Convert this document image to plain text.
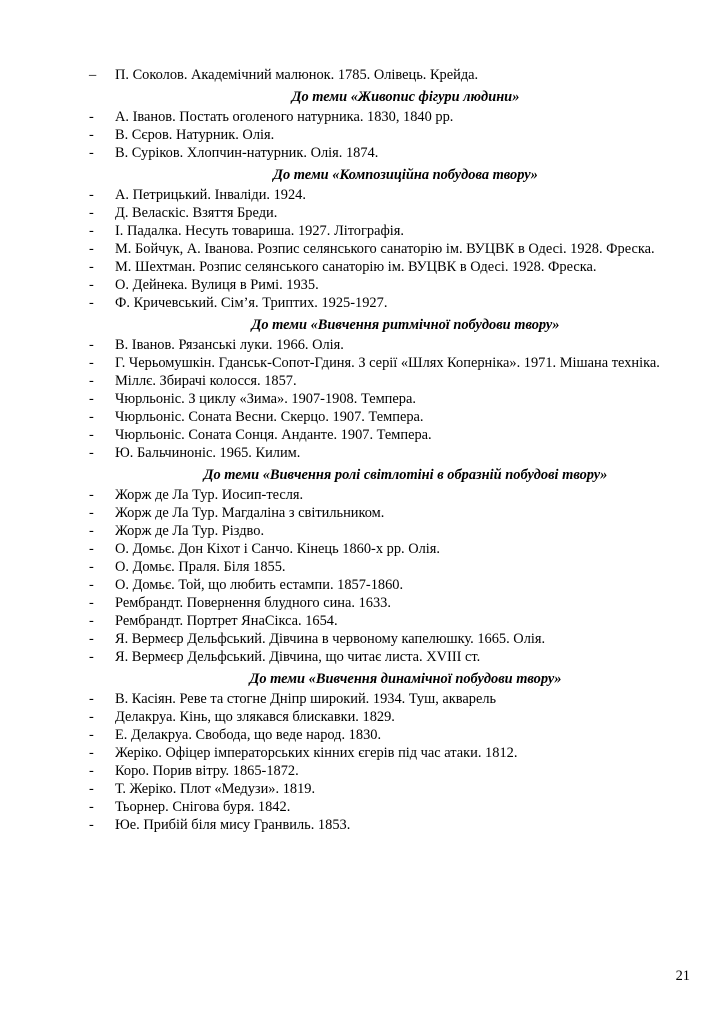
– П. Соколов. Академічний малюнок. 1785. Олівець. Крейда.
До теми «Живопис фігури людини»
- А. Іванов. Постать оголеного натурника. 1830, 1840 рр.
- В. Сєров. Натурник. Олія.
- В. Суріков. Хлопчин-натурник. Олія. 1874.
До теми «Композиційна побудова твору»
- А. Петрицький. Інваліди. 1924.
- Д. Веласкіс. Взяття Бреди.
- І. Падалка. Несуть товариша. 1927. Літографія.
- М. Бойчук, А. Іванова. Розпис селянського санаторію ім. ВУЦВК в Одесі. 1928. Фреска.
- М. Шехтман. Розпис селянського санаторію ім. ВУЦВК в Одесі. 1928. Фреска.
- О. Дейнека. Вулиця в Римі. 1935.
- Ф. Кричевський. Сім’я. Триптих. 1925-1927.
До теми «Вивчення ритмічної побудови твору»
- В. Іванов. Рязанські луки. 1966. Олія.
- Г. Черьомушкін. Гданськ-Сопот-Гдиня. З серії «Шлях Коперніка». 1971. Мішана техніка.
- Міллє. Збирачі колосся. 1857.
- Чюрльоніс. З циклу «Зима». 1907-1908. Темпера.
- Чюрльоніс. Соната Весни. Скерцо. 1907. Темпера.
- Чюрльоніс. Соната Сонця. Анданте. 1907. Темпера.
- Ю. Бальчиноніс. 1965. Килим.
До теми «Вивчення ролі світлотіні в образній побудові твору»
- Жорж де Ла Тур. Иосип-тесля.
- Жорж де Ла Тур. Магдаліна з світильником.
- Жорж де Ла Тур. Різдво.
- О. Домьє. Дон Кіхот і Санчо. Кінець 1860-х рр. Олія.
- О. Домьє. Праля. Біля 1855.
- О. Домьє. Той, що любить естампи. 1857-1860.
- Рембрандт. Повернення блудного сина. 1633.
- Рембрандт. Портрет ЯнаСікса. 1654.
- Я. Вермеєр Дельфський. Дівчина в червоному капелюшку. 1665. Олія.
- Я. Вермеєр Дельфський. Дівчина, що читає листа. XVIII ст.
До теми «Вивчення динамічної побудови твору»
- В. Касіян. Реве та стогне Дніпр широкий. 1934. Туш, акварель
- Делакруа. Кінь, що злякався блискавки. 1829.
- Е. Делакруа. Свобода, що веде народ. 1830.
- Жеріко. Офіцер імператорських кінних єгерів під час атаки. 1812.
- Коро. Порив вітру. 1865-1872.
- Т. Жеріко. Плот «Медузи». 1819.
- Тьорнер. Снігова буря. 1842.
- Юе. Прибій біля мису Гранвиль. 1853.
21
